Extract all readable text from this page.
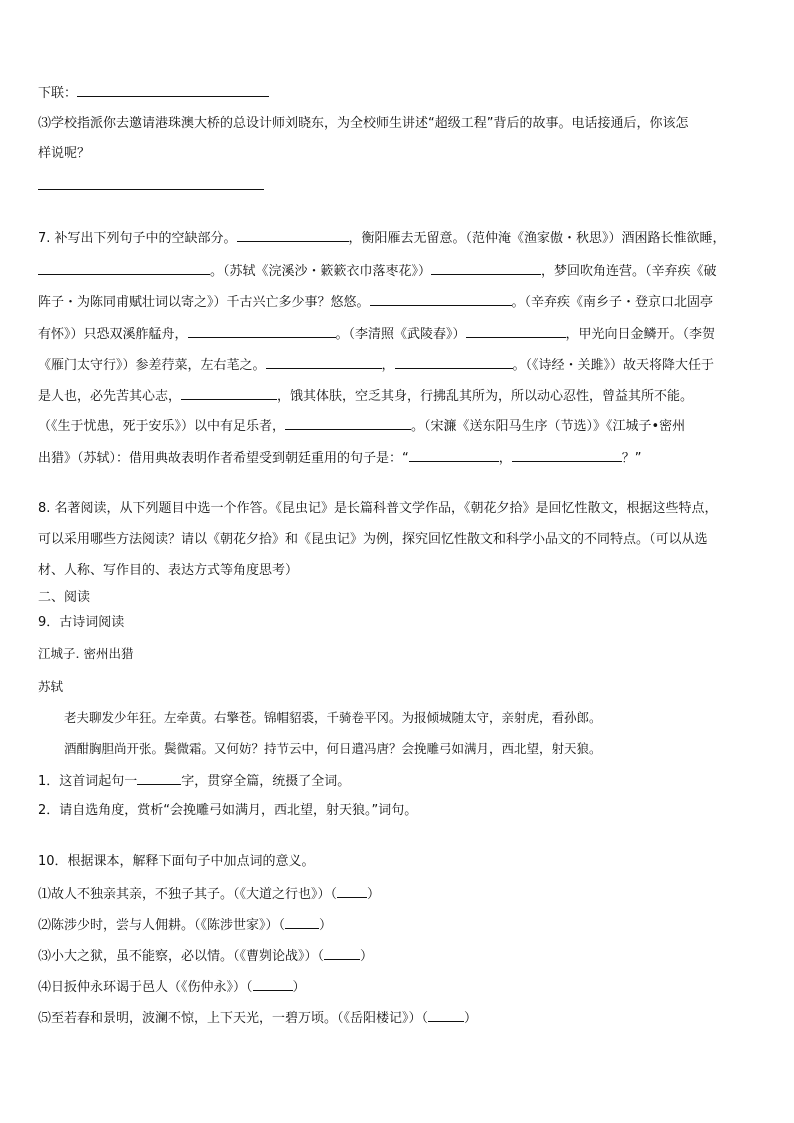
下联：
⑶学校指派你去邀请港珠澳大桥的总设计师刘晓东，为全校师生讲述“超级工程”背后的故事。电话接通后，你该怎
样说呢？
7. 补写出下列句子中的空缺部分。	，衡阳雁去无留意。（范仲淹《渔家傲・秋思》）酒困路长惟欲睡，
。（苏轼《浣溪沙・簌簌衣巾落枣花》）	，梦回吹角连营。（辛弃疾《破
阵子・为陈同甫赋壮词以寄之》）千古兴亡多少事？悠悠。	。（辛弃疾《南乡子・登京口北固亭
有怀》）只恐双溪舴艋舟，	。（李清照《武陵春》）	，甲光向日金鳞开。（李贺
《雁门太守行》）参差荇菜，左右芼之。	，	。（《诗经・关雎》）故天将降大任于
是人也，必先苦其心志，	，饿其体肤，空乏其身，行拂乱其所为，所以动心忍性，曾益其所不能。
（《生于忧患，死于安乐》）以中有足乐者，	。（宋濂《送东阳马生序（节选）》《江城子•密州
出猎》（苏轼）：借用典故表明作者希望受到朝廷重用的句子是：“	，	？”
8. 名著阅读，从下列题目中选一个作答。《昆虫记》是长篇科普文学作品，《朝花夕拾》是回忆性散文，根据这些特点，
可以采用哪些方法阅读？请以《朝花夕拾》和《昆虫记》为例，探究回忆性散文和科学小品文的不同特点。（可以从选
材、人称、写作目的、表达方式等角度思考）
二、阅读
9．古诗词阅读
江城子. 密州出猎
苏轼
老夫聊发少年狂。左牵黄。右擎苍。锦帽貂裘，千骑卷平冈。为报倾城随太守，亲射虎，看孙郎。
酒酣胸胆尚开张。鬓微霜。又何妨？持节云中，何日遣冯唐？会挽雕弓如满月，西北望，射天狼。
1．这首词起句一	字，贯穿全篇，统摄了全词。
2．请自选角度，赏析“会挽雕弓如满月，西北望，射天狼。”词句。
10．根据课本，解释下面句子中加点词的意义。
⑴故人不独亲其亲，不独子其子。（《大道之行也》）（ ）
⑵陈涉少时，尝与人佣耕。（《陈涉世家》）（	）
⑶小大之狱，虽不能察，必以情。（《曹刿论战》）（	）
⑷日扳仲永环谒于邑人（《伤仲永》）（	）
⑸至若春和景明，波澜不惊，上下天光，一碧万顷。（《岳阳楼记》）（	）
